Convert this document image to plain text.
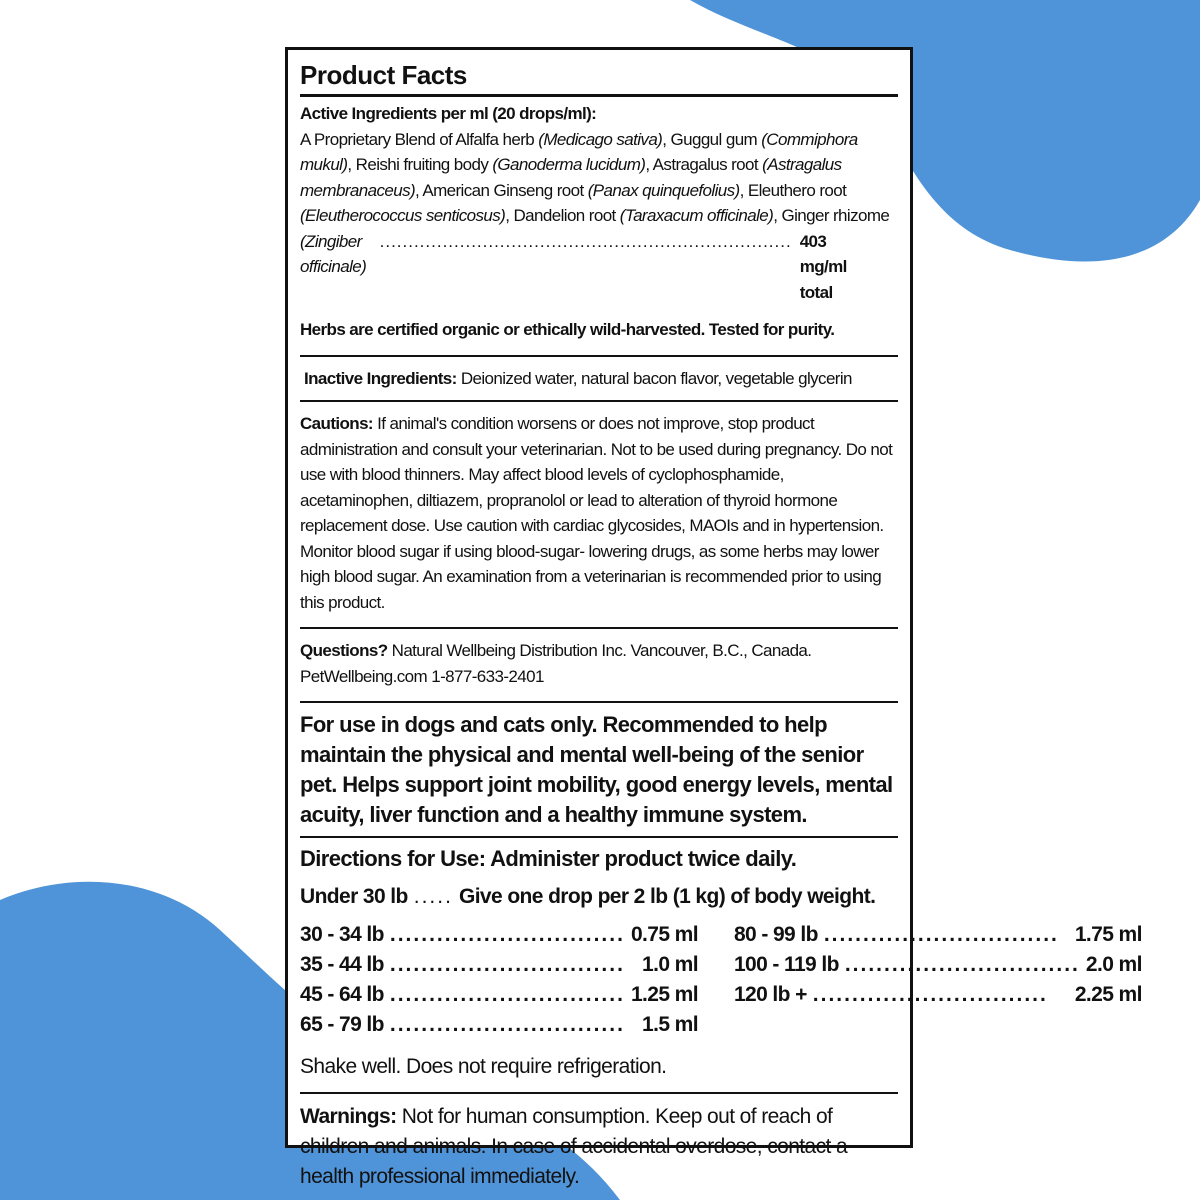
Product Facts
Active Ingredients per ml (20 drops/ml):
A Proprietary Blend of Alfalfa herb (Medicago sativa), Guggul gum (Commiphora mukul), Reishi fruiting body (Ganoderma lucidum), Astragalus root (Astragalus membranaceus), American Ginseng root (Panax quinquefolius), Eleuthero root (Eleutherococcus senticosus), Dandelion root (Taraxacum officinale), Ginger rhizome
(Zingiber officinale)
........................................................................ 403 mg/ml total
Herbs are certified organic or ethically wild-harvested. Tested for purity.
Inactive Ingredients: Deionized water, natural bacon flavor, vegetable glycerin
Cautions: If animal's condition worsens or does not improve, stop product administration and consult your veterinarian. Not to be used during pregnancy. Do not use with blood thinners. May affect blood levels of cyclophosphamide, acetaminophen, diltiazem, propranolol or lead to alteration of thyroid hormone replacement dose. Use caution with cardiac glycosides, MAOIs and in hypertension. Monitor blood sugar if using blood-sugar- lowering drugs, as some herbs may lower high blood sugar. An examination from a veterinarian is recommended prior to using this product.
Questions? Natural Wellbeing Distribution Inc. Vancouver, B.C., Canada.
PetWellbeing.com 1-877-633-2401
For use in dogs and cats only. Recommended to help maintain the physical and mental well-being of the senior pet. Helps support joint mobility, good energy levels, mental acuity, liver function and a healthy immune system.
Directions for Use: Administer product twice daily.
Under 30 lb ..... Give one drop per 2 lb (1 kg) of body weight.
30 - 34 lb .............................. 0.75 ml
35 - 44 lb .............................. 1.0 ml
45 - 64 lb .............................. 1.25 ml
65 - 79 lb .............................. 1.5 ml
80 - 99 lb .............................. 1.75 ml
100 - 119 lb .............................. 2.0 ml
120 lb + ..............................	2.25 ml
Shake well. Does not require refrigeration.
Warnings: Not for human consumption. Keep out of reach of children and animals. In case of accidental overdose, contact a health professional immediately.
